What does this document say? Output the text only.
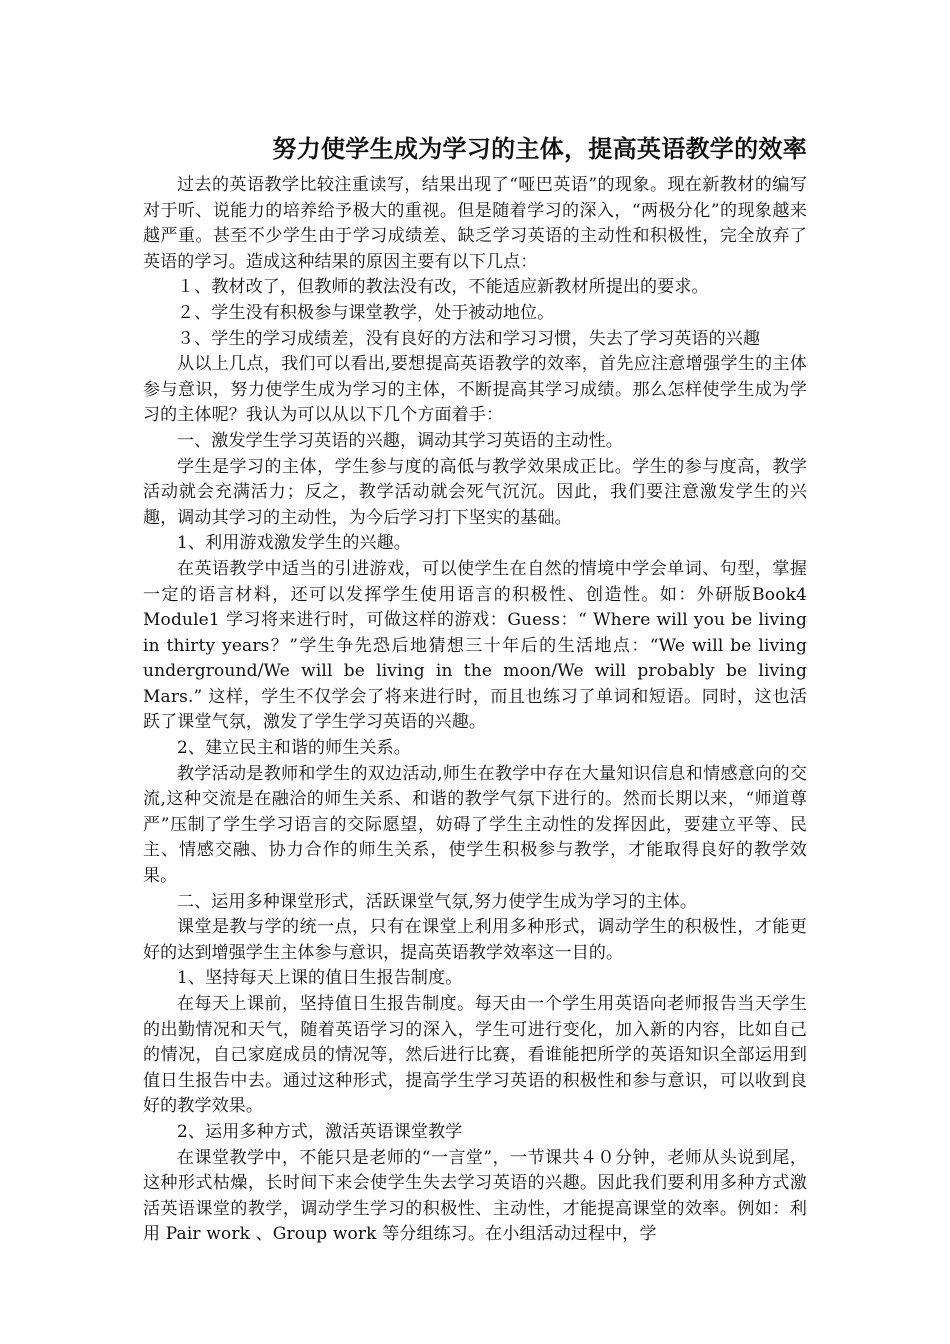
努力使学生成为学习的主体，提高英语教学的效率

过去的英语教学比较注重读写，结果出现了“哑巴英语”的现象。现在新教材的编写对于听、说能力的培养给予极大的重视。但是随着学习的深入，“两极分化”的现象越来越严重。甚至不少学生由于学习成绩差、缺乏学习英语的主动性和积极性，完全放弃了英语的学习。造成这种结果的原因主要有以下几点：

１、教材改了，但教师的教法没有改，不能适应新教材所提出的要求。

２、学生没有积极参与课堂教学，处于被动地位。

３、学生的学习成绩差，没有良好的方法和学习习惯，失去了学习英语的兴趣

从以上几点，我们可以看出,要想提高英语教学的效率，首先应注意增强学生的主体参与意识，努力使学生成为学习的主体，不断提高其学习成绩。那么怎样使学生成为学习的主体呢？我认为可以从以下几个方面着手：

一、激发学生学习英语的兴趣，调动其学习英语的主动性。

学生是学习的主体，学生参与度的高低与教学效果成正比。学生的参与度高，教学活动就会充满活力；反之，教学活动就会死气沉沉。因此，我们要注意激发学生的兴趣，调动其学习的主动性，为今后学习打下坚实的基础。

1、利用游戏激发学生的兴趣。

在英语教学中适当的引进游戏，可以使学生在自然的情境中学会单词、句型，掌握一定的语言材料，还可以发挥学生使用语言的积极性、创造性。如：外研版Book4 Module1 学习将来进行时，可做这样的游戏：Guess：“ Where will you be living in thirty years？”学生争先恐后地猜想三十年后的生活地点：“We will be living underground/We will be living in the moon/We will probably be living Mars.” 这样，学生不仅学会了将来进行时，而且也练习了单词和短语。同时，这也活跃了课堂气氛，激发了学生学习英语的兴趣。

2、建立民主和谐的师生关系。

教学活动是教师和学生的双边活动,师生在教学中存在大量知识信息和情感意向的交流,这种交流是在融洽的师生关系、和谐的教学气氛下进行的。然而长期以来，“师道尊严”压制了学生学习语言的交际愿望，妨碍了学生主动性的发挥因此，要建立平等、民主、情感交融、协力合作的师生关系，使学生积极参与教学，才能取得良好的教学效果。

二、运用多种课堂形式，活跃课堂气氛,努力使学生成为学习的主体。

课堂是教与学的统一点，只有在课堂上利用多种形式，调动学生的积极性，才能更好的达到增强学生主体参与意识，提高英语教学效率这一目的。

1、坚持每天上课的值日生报告制度。

在每天上课前，坚持值日生报告制度。每天由一个学生用英语向老师报告当天学生的出勤情况和天气，随着英语学习的深入，学生可进行变化，加入新的内容，比如自己的情况，自己家庭成员的情况等，然后进行比赛，看谁能把所学的英语知识全部运用到值日生报告中去。通过这种形式，提高学生学习英语的积极性和参与意识，可以收到良好的教学效果。

2、运用多种方式，激活英语课堂教学

在课堂教学中，不能只是老师的“一言堂”，一节课共４０分钟，老师从头说到尾，这种形式枯燥，长时间下来会使学生失去学习英语的兴趣。因此我们要利用多种方式激活英语课堂的教学，调动学生学习的积极性、主动性，才能提高课堂的效率。例如：利用 Pair work 、Group work 等分组练习。在小组活动过程中，学
